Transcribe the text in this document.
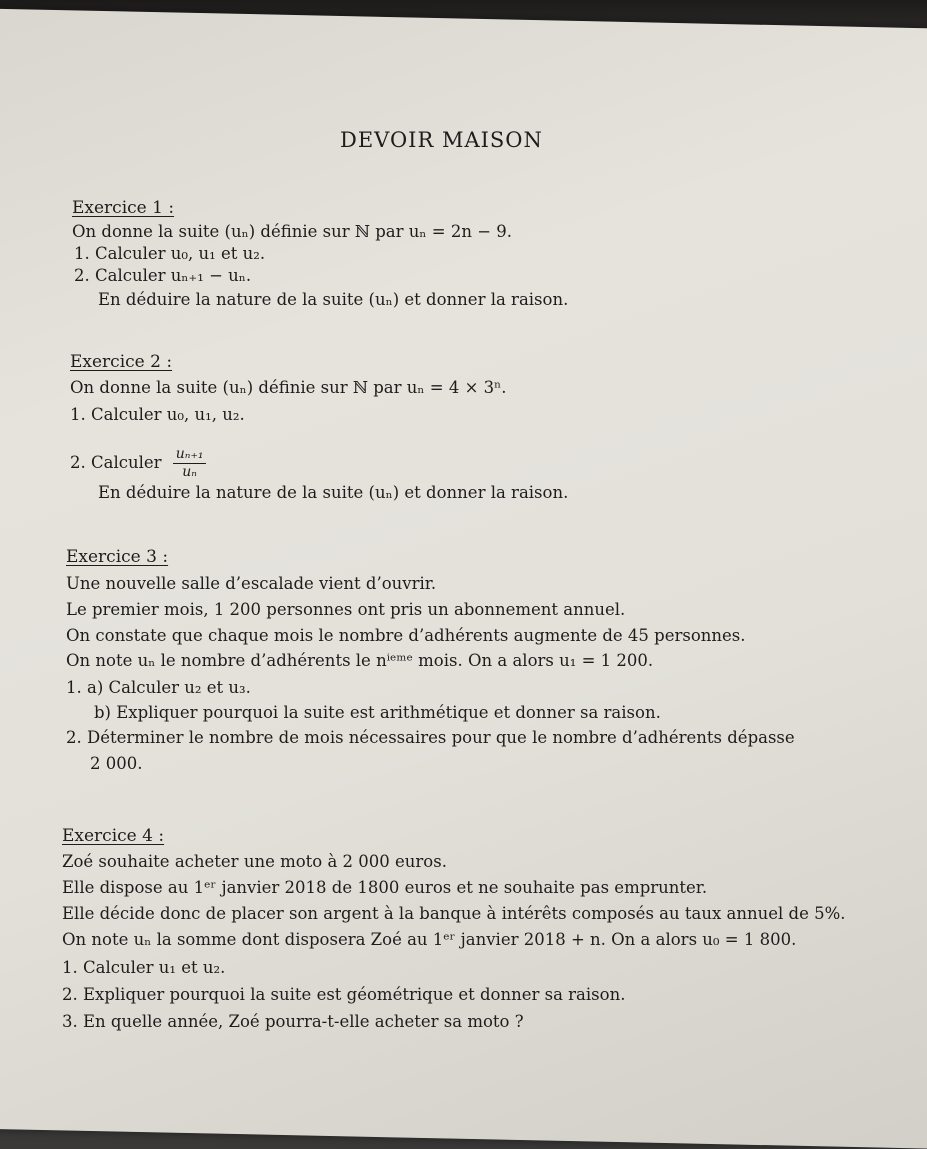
DEVOIR MAISON
Exercice 1 :
On donne la suite (uₙ) définie sur ℕ par uₙ = 2n − 9.
1. Calculer u₀, u₁ et u₂.
2. Calculer uₙ₊₁ − uₙ.
En déduire la nature de la suite (uₙ) et donner la raison.
Exercice 2 :
On donne la suite (uₙ) définie sur ℕ par uₙ = 4 × 3ⁿ.
1. Calculer u₀, u₁, u₂.
2. Calculer $\frac{\text{uₙ₊₁}}{\text{uₙ}}$
En déduire la nature de la suite (uₙ) et donner la raison.
Exercice 3 :
Une nouvelle salle d’escalade vient d’ouvrir.
Le premier mois, 1 200 personnes ont pris un abonnement annuel.
On constate que chaque mois le nombre d’adhérents augmente de 45 personnes.
On note uₙ le nombre d’adhérents le nⁱᵉᵐᵉ mois. On a alors u₁ = 1 200.
1. a) Calculer u₂ et u₃.
b) Expliquer pourquoi la suite est arithmétique et donner sa raison.
2. Déterminer le nombre de mois nécessaires pour que le nombre d’adhérents dépasse
2 000.
Exercice 4 :
Zoé souhaite acheter une moto à 2 000 euros.
Elle dispose au 1ᵉʳ janvier 2018 de 1800 euros et ne souhaite pas emprunter.
Elle décide donc de placer son argent à la banque à intérêts composés au taux annuel de 5%.
On note uₙ la somme dont disposera Zoé au 1ᵉʳ janvier 2018 + n. On a alors u₀ = 1 800.
1. Calculer u₁ et u₂.
2. Expliquer pourquoi la suite est géométrique et donner sa raison.
3. En quelle année, Zoé pourra-t-elle acheter sa moto ?
